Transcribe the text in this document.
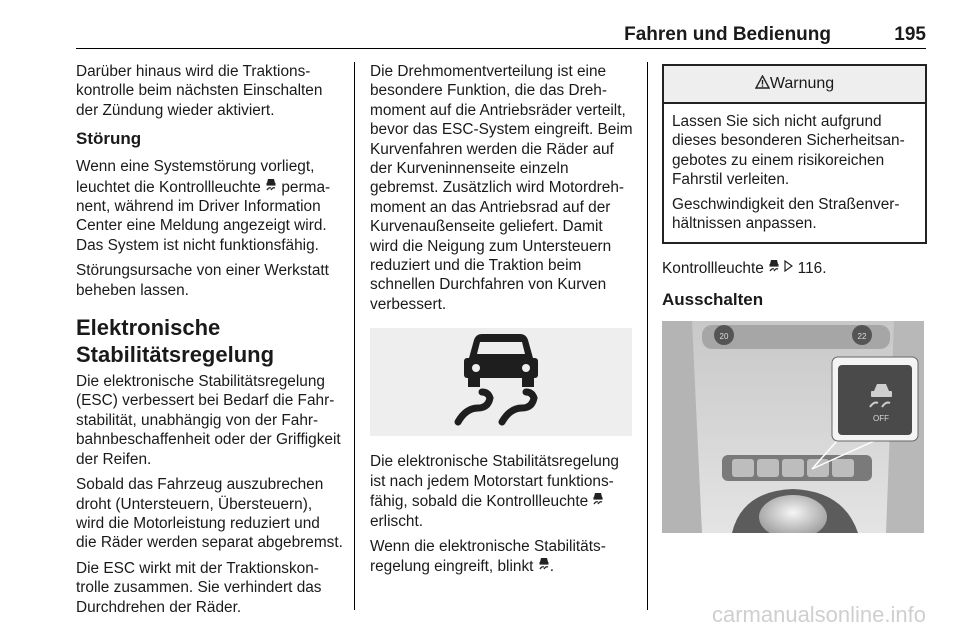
Fahren und Bedienung	195

Darüber hinaus wird die Traktionskontrolle beim nächsten Einschalten der Zündung wieder aktiviert.

Störung

Wenn eine Systemstörung vorliegt, leuchtet die Kontrollleuchte permanent, während im Driver Information Center eine Meldung angezeigt wird. Das System ist nicht funktionsfähig.

Störungsursache von einer Werkstatt beheben lassen.

Elektronische
Stabilitätsregelung

Die elektronische Stabilitätsregelung (ESC) verbessert bei Bedarf die Fahrstabilität, unabhängig von der Fahrbahnbeschaffenheit oder der Griffigkeit der Reifen.

Sobald das Fahrzeug auszubrechen droht (Untersteuern, Übersteuern), wird die Motorleistung reduziert und die Räder werden separat abgebremst.

Die ESC wirkt mit der Traktionskontrolle zusammen. Sie verhindert das Durchdrehen der Räder.

Die Drehmomentverteilung ist eine besondere Funktion, die das Drehmoment auf die Antriebsräder verteilt, bevor das ESC-System eingreift. Beim Kurvenfahren werden die Räder auf der Kurveninnenseite einzeln gebremst. Zusätzlich wird Motordrehmoment an das Antriebsrad auf der Kurvenaußenseite geliefert. Damit wird die Neigung zum Untersteuern reduziert und die Traktion beim schnellen Durchfahren von Kurven verbessert.

Die elektronische Stabilitätsregelung ist nach jedem Motorstart funktionsfähig, sobald die Kontrollleuchte
erlischt.

Wenn die elektronische Stabilitätsregelung eingreift, blinkt .

Warnung

Lassen Sie sich nicht aufgrund dieses besonderen Sicherheitsangebotes zu einem risikoreichen Fahrstil verleiten.

Geschwindigkeit den Straßenverhältnissen anpassen.

Kontrollleuchte 116.

Ausschalten
20	22
OFF
carmanualsonline.info
